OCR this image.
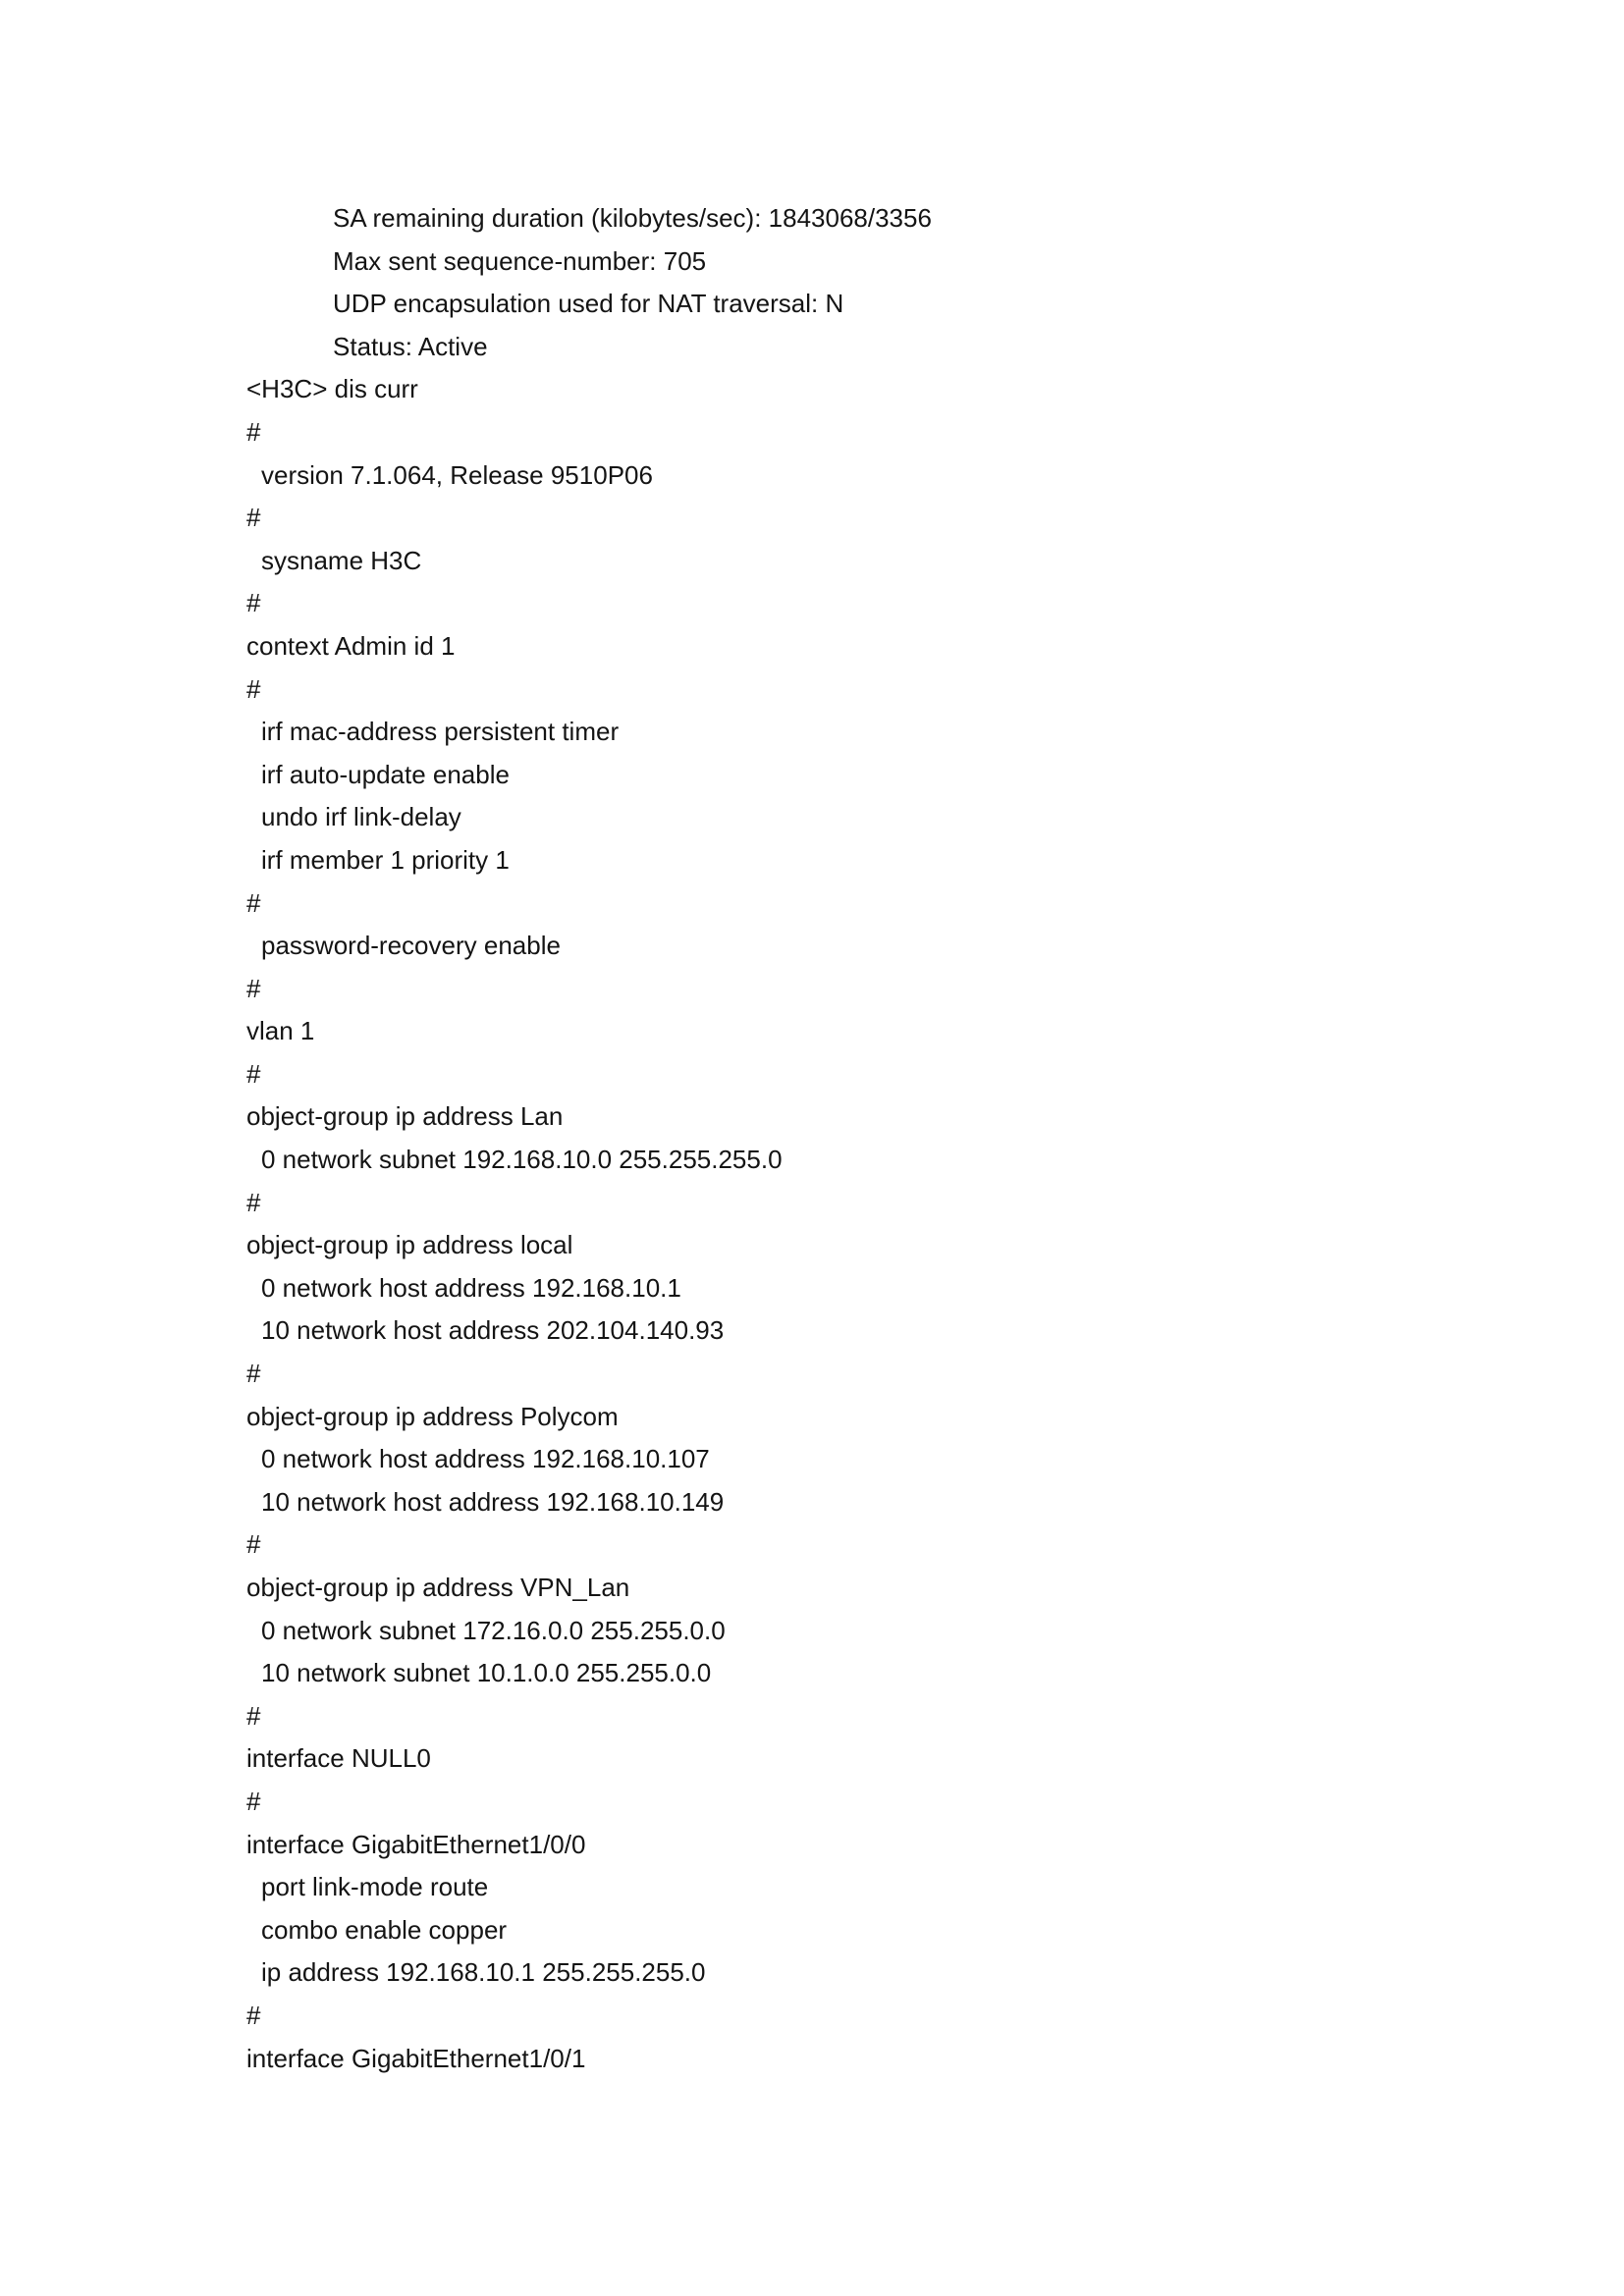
SA remaining duration (kilobytes/sec): 1843068/3356
Max sent sequence-number: 705
UDP encapsulation used for NAT traversal: N
Status: Active
<H3C> dis curr
#
version 7.1.064, Release 9510P06
#
sysname H3C
#
context Admin id 1
#
irf mac-address persistent timer
irf auto-update enable
undo irf link-delay
irf member 1 priority 1
#
password-recovery enable
#
vlan 1
#
object-group ip address Lan
0 network subnet 192.168.10.0 255.255.255.0
#
object-group ip address local
0 network host address 192.168.10.1
10 network host address 202.104.140.93
#
object-group ip address Polycom
0 network host address 192.168.10.107
10 network host address 192.168.10.149
#
object-group ip address VPN_Lan
0 network subnet 172.16.0.0 255.255.0.0
10 network subnet 10.1.0.0 255.255.0.0
#
interface NULL0
#
interface GigabitEthernet1/0/0
port link-mode route
combo enable copper
ip address 192.168.10.1 255.255.255.0
#
interface GigabitEthernet1/0/1
